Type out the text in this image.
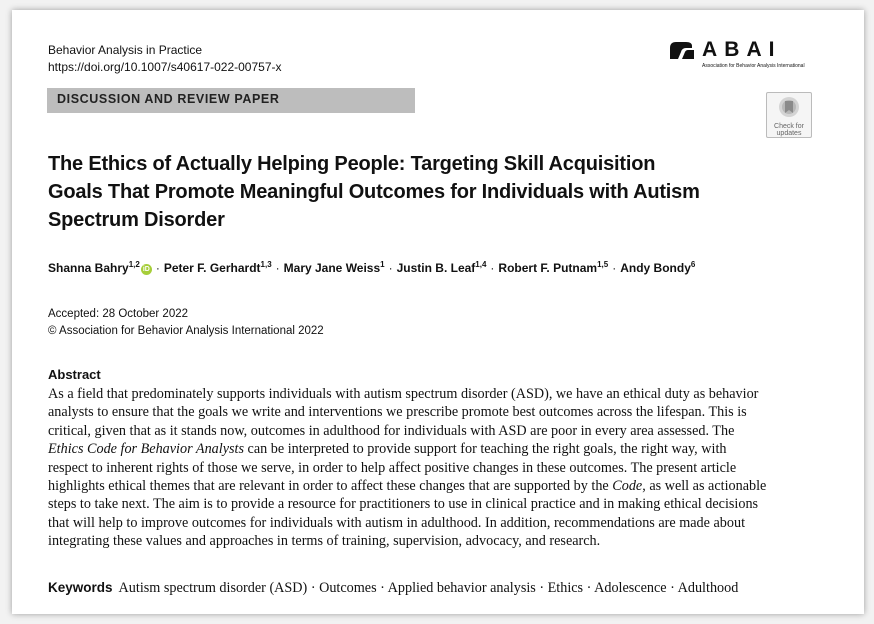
Behavior Analysis in Practice
https://doi.org/10.1007/s40617-022-00757-x
A B A I
Association for Behavior Analysis International
DISCUSSION AND REVIEW PAPER
Check for
updates
The Ethics of Actually Helping People: Targeting Skill Acquisition
Goals That Promote Meaningful Outcomes for Individuals with Autism
Spectrum Disorder
Shanna Bahry$^{1,2}$iD · Peter F. Gerhardt$^{1,3}$ · Mary Jane Weiss$^1$ · Justin B. Leaf$^{1,4}$ · Robert F. Putnam$^{1,5}$ · Andy Bondy$^6$
Accepted: 28 October 2022
© Association for Behavior Analysis International 2022
Abstract
As a field that predominately supports individuals with autism spectrum disorder (ASD), we have an ethical duty as behavior
analysts to ensure that the goals we write and interventions we prescribe promote best outcomes across the lifespan. This is
critical, given that as it stands now, outcomes in adulthood for individuals with ASD are poor in every area assessed. The
Ethics Code for Behavior Analysts can be interpreted to provide support for teaching the right goals, the right way, with
respect to inherent rights of those we serve, in order to help affect positive changes in these outcomes. The present article
highlights ethical themes that are relevant in order to affect these changes that are supported by the Code, as well as actionable
steps to take next. The aim is to provide a resource for practitioners to use in clinical practice and in making ethical decisions
that will help to improve outcomes for individuals with autism in adulthood. In addition, recommendations are made about
integrating these values and approaches in terms of training, supervision, advocacy, and research.
Keywords Autism spectrum disorder (ASD) · Outcomes · Applied behavior analysis · Ethics · Adolescence · Adulthood
